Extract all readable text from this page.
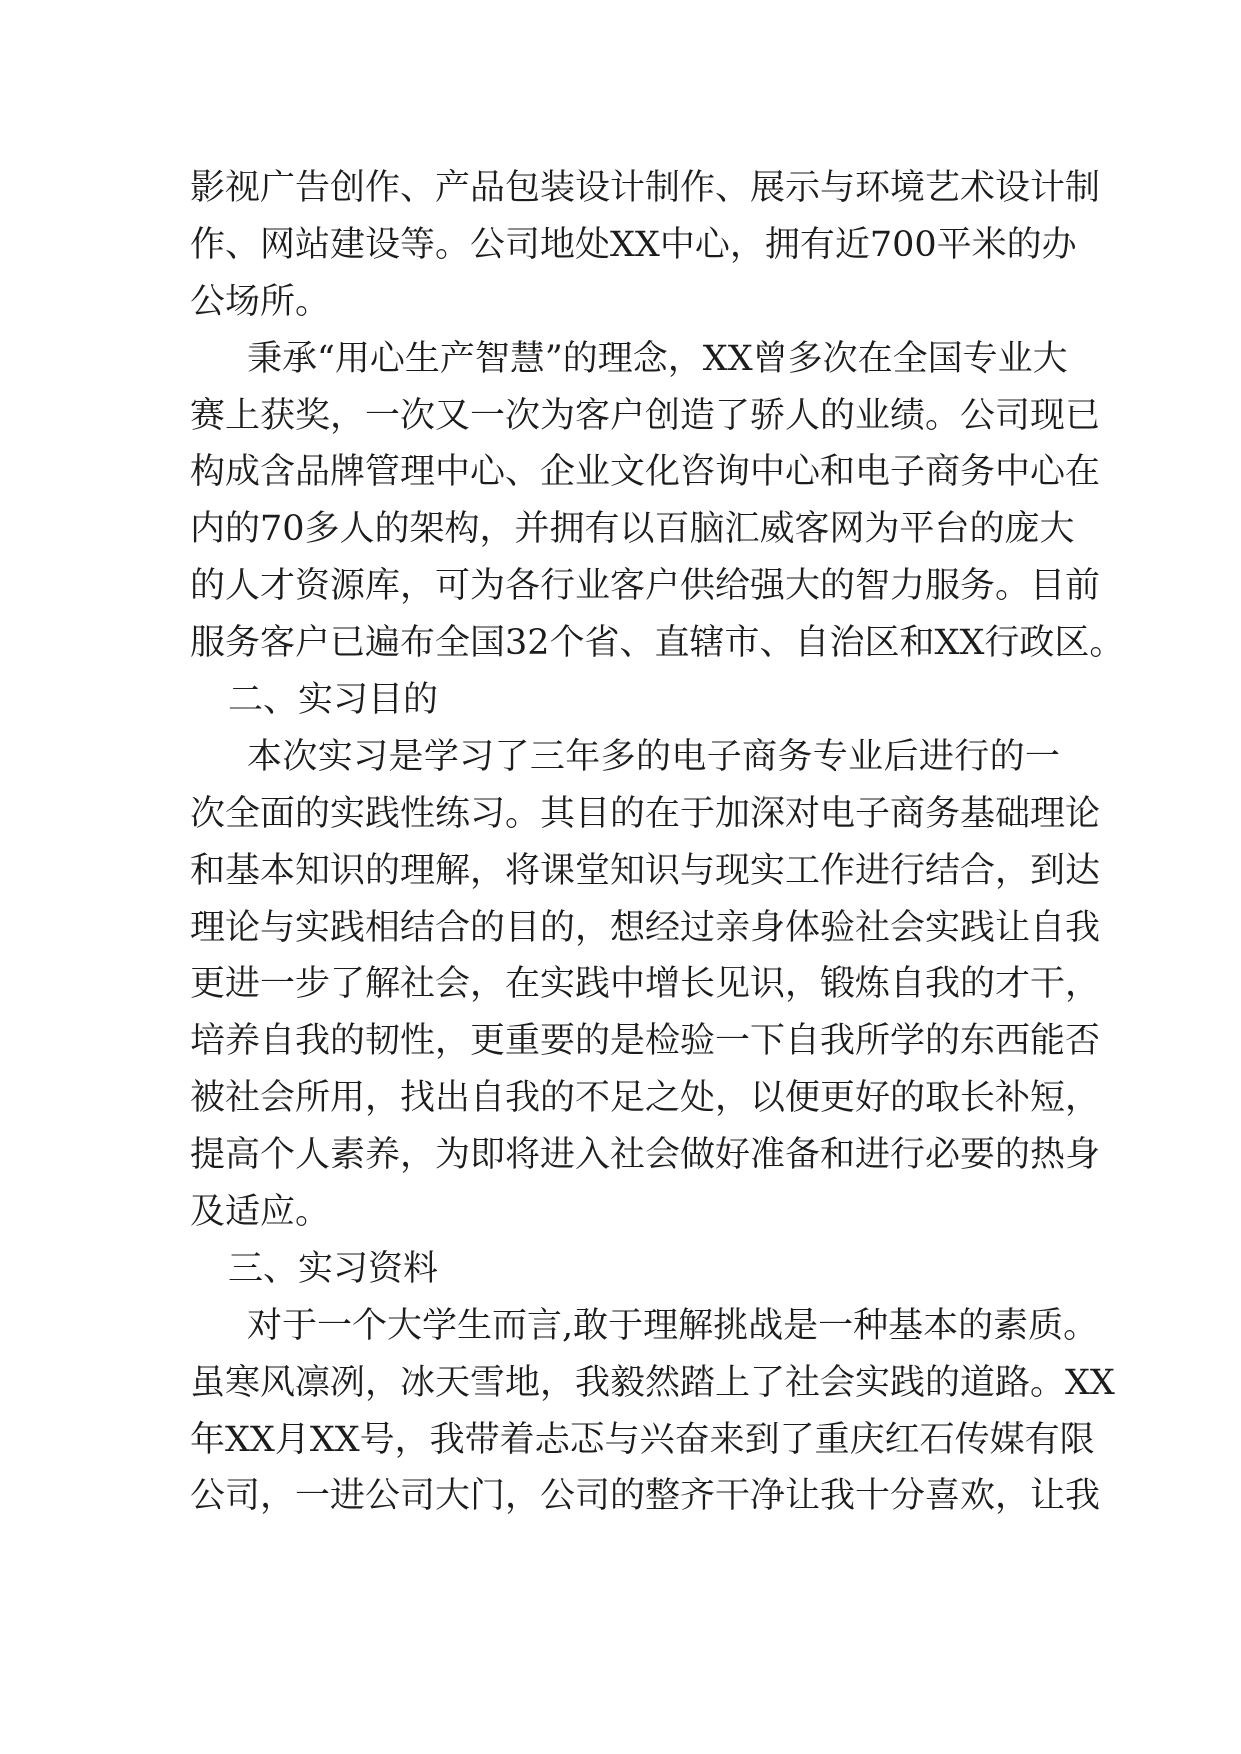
影视广告创作、产品包装设计制作、展示与环境艺术设计制
作、网站建设等。公司地处XX中心，拥有近700平米的办
公场所。
秉承“用心生产智慧”的理念，XX曾多次在全国专业大
赛上获奖，一次又一次为客户创造了骄人的业绩。公司现已
构成含品牌管理中心、企业文化咨询中心和电子商务中心在
内的70多人的架构，并拥有以百脑汇威客网为平台的庞大
的人才资源库，可为各行业客户供给强大的智力服务。目前
服务客户已遍布全国32个省、直辖市、自治区和XX行政区。
二、实习目的
本次实习是学习了三年多的电子商务专业后进行的一
次全面的实践性练习。其目的在于加深对电子商务基础理论
和基本知识的理解，将课堂知识与现实工作进行结合，到达
理论与实践相结合的目的，想经过亲身体验社会实践让自我
更进一步了解社会，在实践中增长见识，锻炼自我的才干，
培养自我的韧性，更重要的是检验一下自我所学的东西能否
被社会所用，找出自我的不足之处，以便更好的取长补短，
提高个人素养，为即将进入社会做好准备和进行必要的热身
及适应。
三、实习资料
对于一个大学生而言,敢于理解挑战是一种基本的素质。
虽寒风凛冽，冰天雪地，我毅然踏上了社会实践的道路。XX
年XX月XX号，我带着忐忑与兴奋来到了重庆红石传媒有限
公司，一进公司大门，公司的整齐干净让我十分喜欢，让我
